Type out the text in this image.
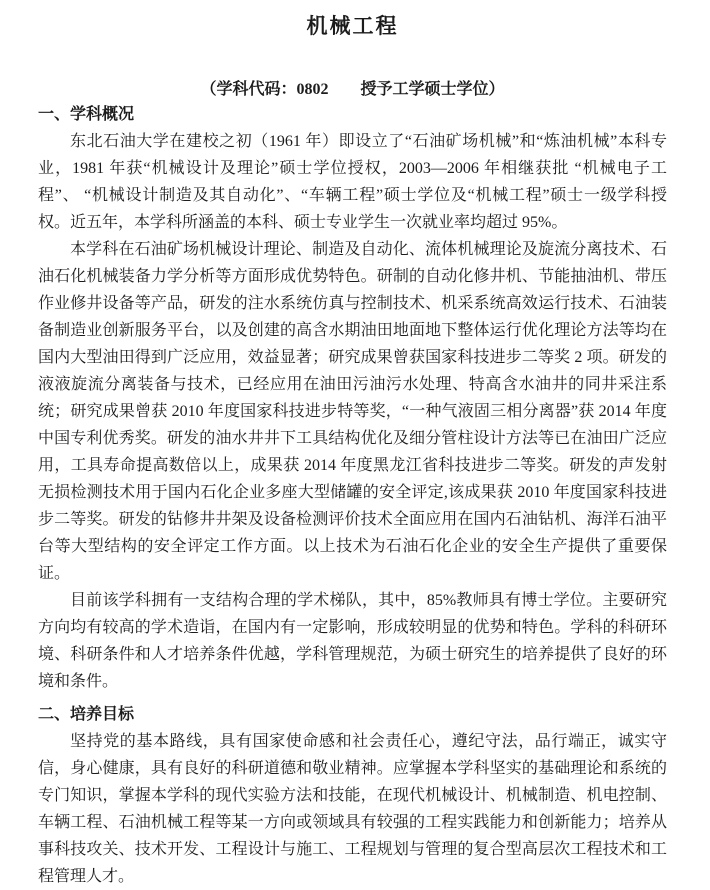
机械工程
（学科代码：0802　　授予工学硕士学位）
一、学科概况

东北石油大学在建校之初（1961 年）即设立了“石油矿场机械”和“炼油机械”本科专业，1981 年获“机械设计及理论”硕士学位授权，2003—2006 年相继获批 “机械电子工程”、 “机械设计制造及其自动化”、“车辆工程”硕士学位及“机械工程”硕士一级学科授权。近五年，本学科所涵盖的本科、硕士专业学生一次就业率均超过 95%。

本学科在石油矿场机械设计理论、制造及自动化、流体机械理论及旋流分离技术、石油石化机械装备力学分析等方面形成优势特色。研制的自动化修井机、节能抽油机、带压作业修井设备等产品，研发的注水系统仿真与控制技术、机采系统高效运行技术、石油装备制造业创新服务平台，以及创建的高含水期油田地面地下整体运行优化理论方法等均在国内大型油田得到广泛应用，效益显著；研究成果曾获国家科技进步二等奖 2 项。研发的液液旋流分离装备与技术，已经应用在油田污油污水处理、特高含水油井的同井采注系统；研究成果曾获 2010 年度国家科技进步特等奖，“一种气液固三相分离器”获 2014 年度中国专利优秀奖。研发的油水井井下工具结构优化及细分管柱设计方法等已在油田广泛应用，工具寿命提高数倍以上，成果获 2014 年度黑龙江省科技进步二等奖。研发的声发射无损检测技术用于国内石化企业多座大型储罐的安全评定,该成果获 2010 年度国家科技进步二等奖。研发的钻修井井架及设备检测评价技术全面应用在国内石油钻机、海洋石油平台等大型结构的安全评定工作方面。以上技术为石油石化企业的安全生产提供了重要保证。

目前该学科拥有一支结构合理的学术梯队，其中，85%教师具有博士学位。主要研究方向均有较高的学术造诣，在国内有一定影响，形成较明显的优势和特色。学科的科研环境、科研条件和人才培养条件优越，学科管理规范，为硕士研究生的培养提供了良好的环境和条件。

二、培养目标

坚持党的基本路线，具有国家使命感和社会责任心，遵纪守法，品行端正，诚实守信，身心健康，具有良好的科研道德和敬业精神。应掌握本学科坚实的基础理论和系统的专门知识，掌握本学科的现代实验方法和技能，在现代机械设计、机械制造、机电控制、车辆工程、石油机械工程等某一方向或领域具有较强的工程实践能力和创新能力；培养从事科技攻关、技术开发、工程设计与施工、工程规划与管理的复合型高层次工程技术和工程管理人才。
